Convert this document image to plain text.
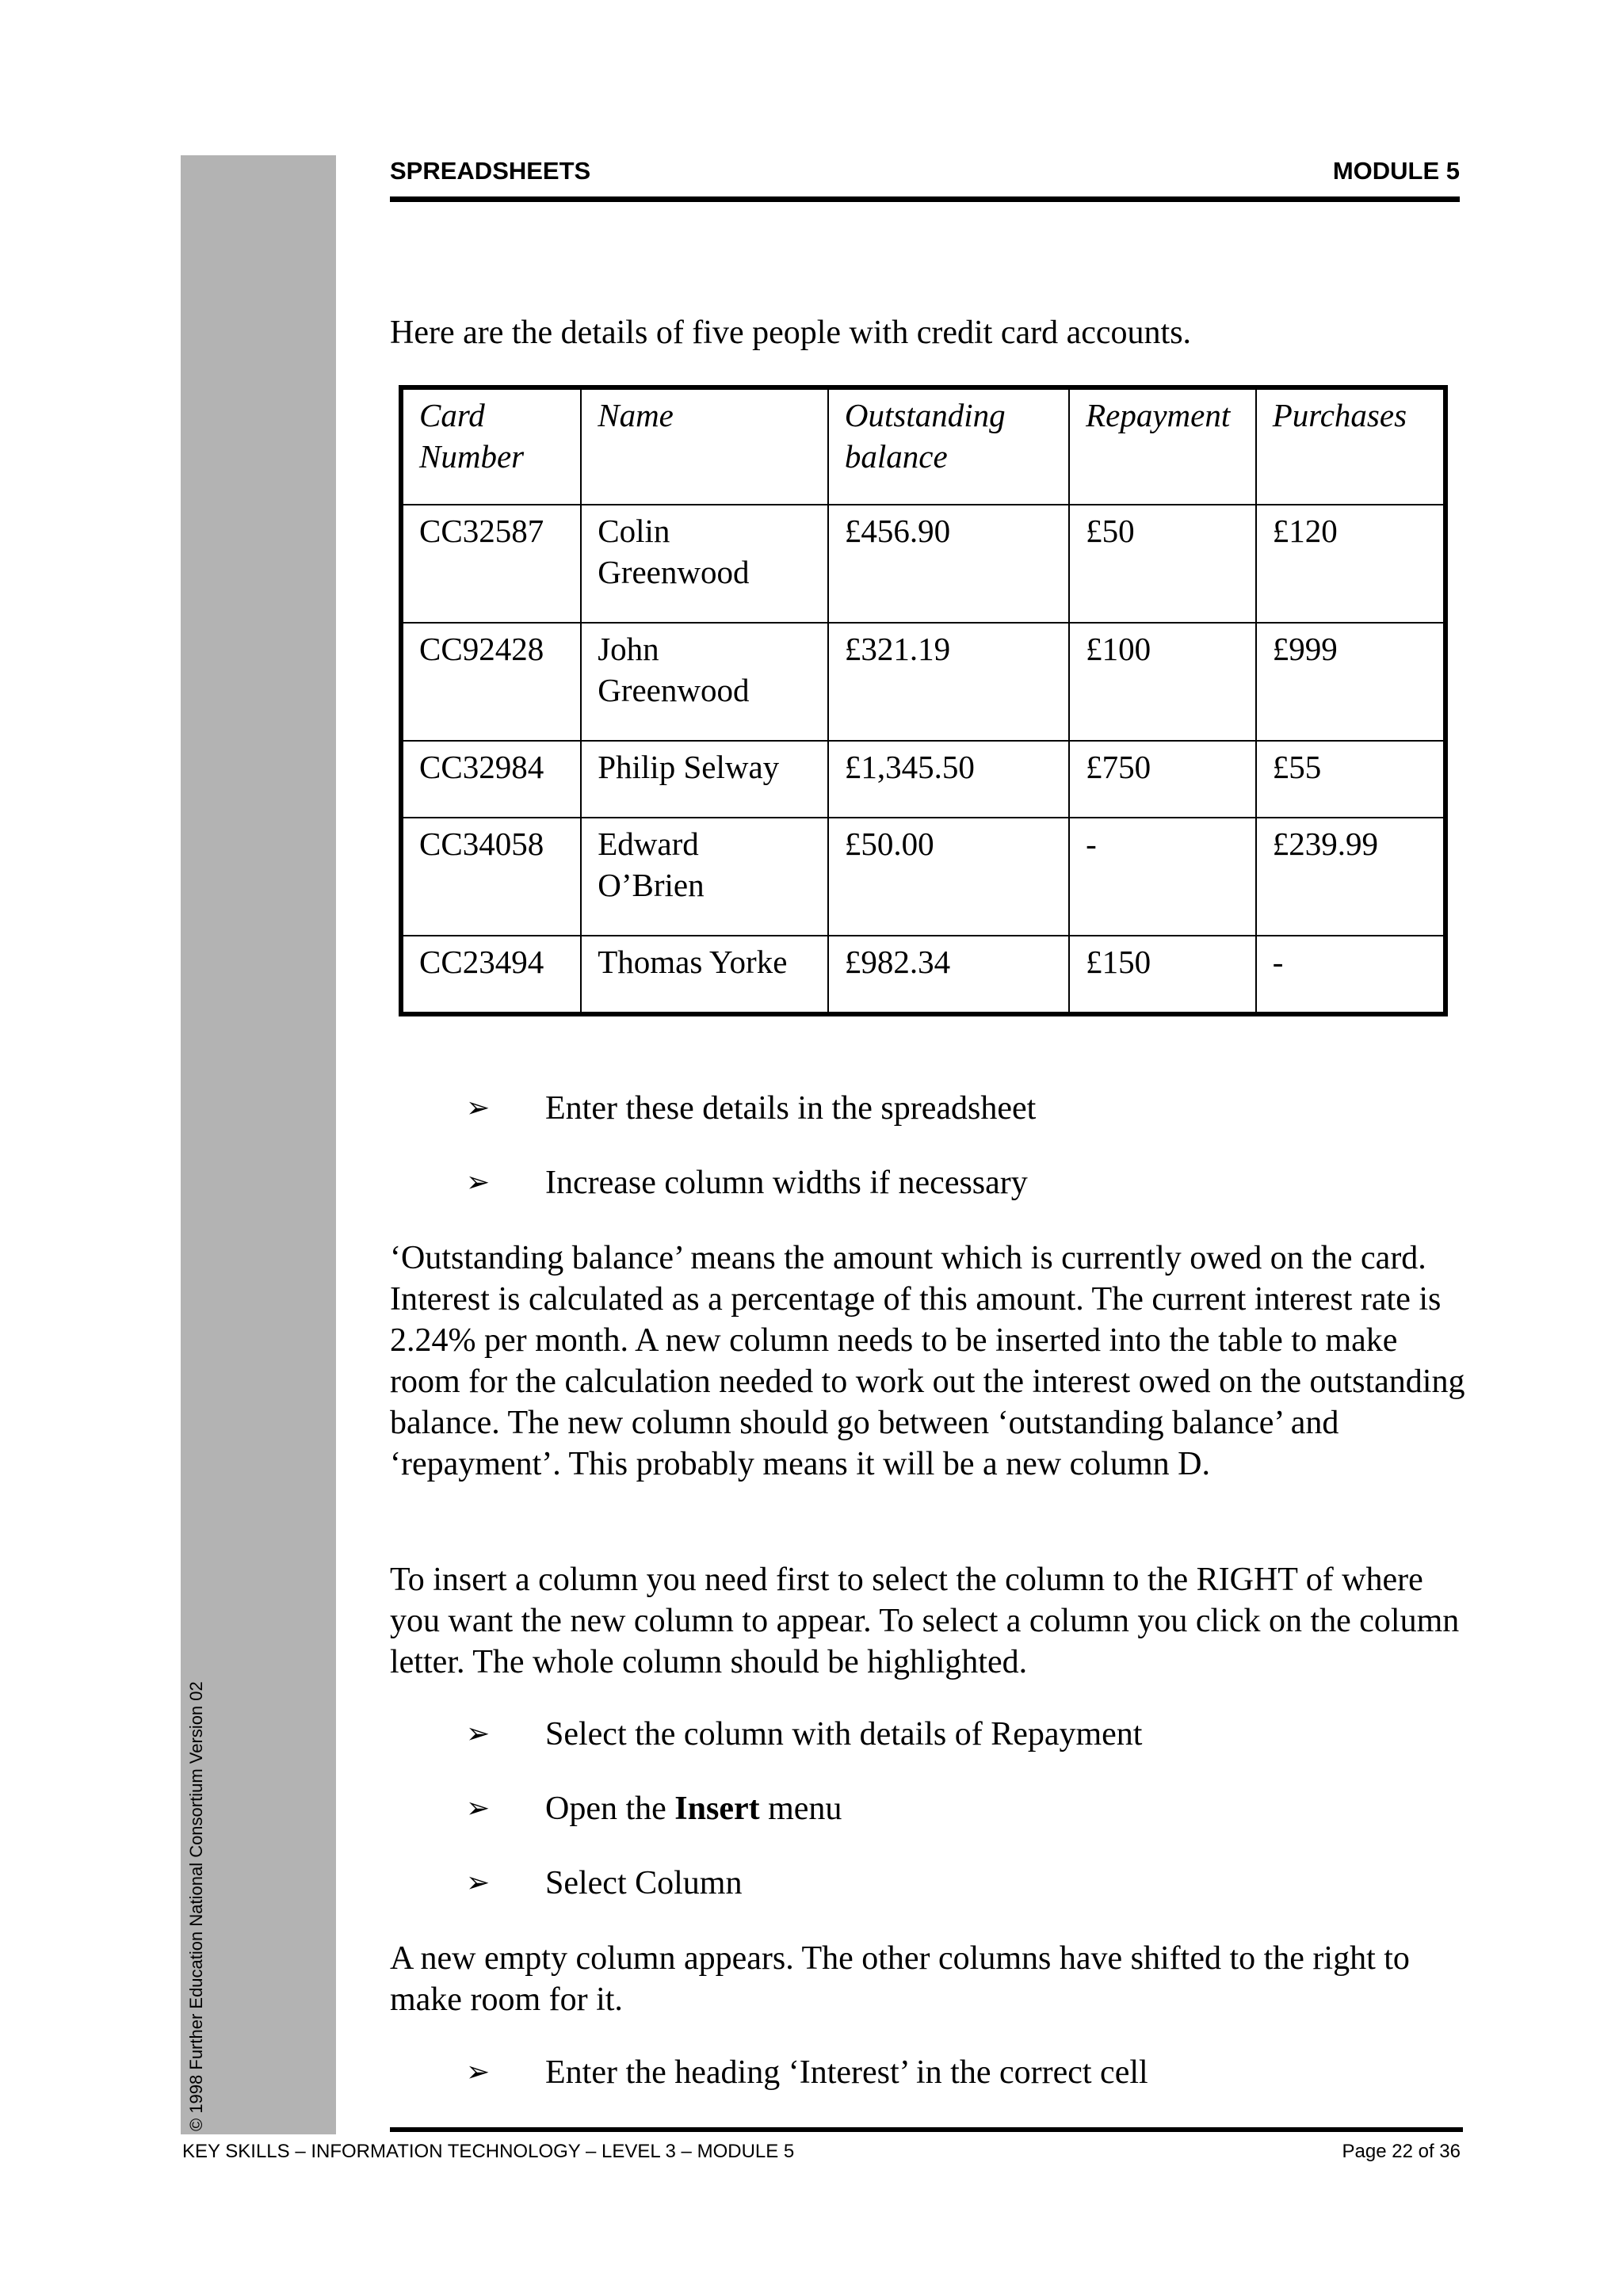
© 1998 Further Education National Consortium Version 02
SPREADSHEETS	MODULE 5
Here are the details of five people with credit card accounts.
Card Number	Name	Outstanding balance	Repayment	Purchases
CC32587	Colin Greenwood	£456.90	£50	£120
CC92428	John Greenwood	£321.19	£100	£999
CC32984	Philip Selway	£1,345.50	£750	£55
CC34058	Edward O’Brien	£50.00	-	£239.99
CC23494	Thomas Yorke	£982.34	£150	-
➢ Enter these details in the spreadsheet
➢ Increase column widths if necessary
‘Outstanding balance’ means the amount which is currently owed on the card. Interest is calculated as a percentage of this amount. The current interest rate is 2.24% per month. A new column needs to be inserted into the table to make room for the calculation needed to work out the interest owed on the outstanding balance. The new column should go between ‘outstanding balance’ and ‘repayment’. This probably means it will be a new column D.
To insert a column you need first to select the column to the RIGHT of where you want the new column to appear. To select a column you click on the column letter. The whole column should be highlighted.
➢ Select the column with details of Repayment
➢ Open the Insert menu
➢ Select Column
A new empty column appears. The other columns have shifted to the right to make room for it.
➢ Enter the heading ‘Interest’ in the correct cell
KEY SKILLS – INFORMATION TECHNOLOGY – LEVEL 3 – MODULE 5	Page 22 of 36
